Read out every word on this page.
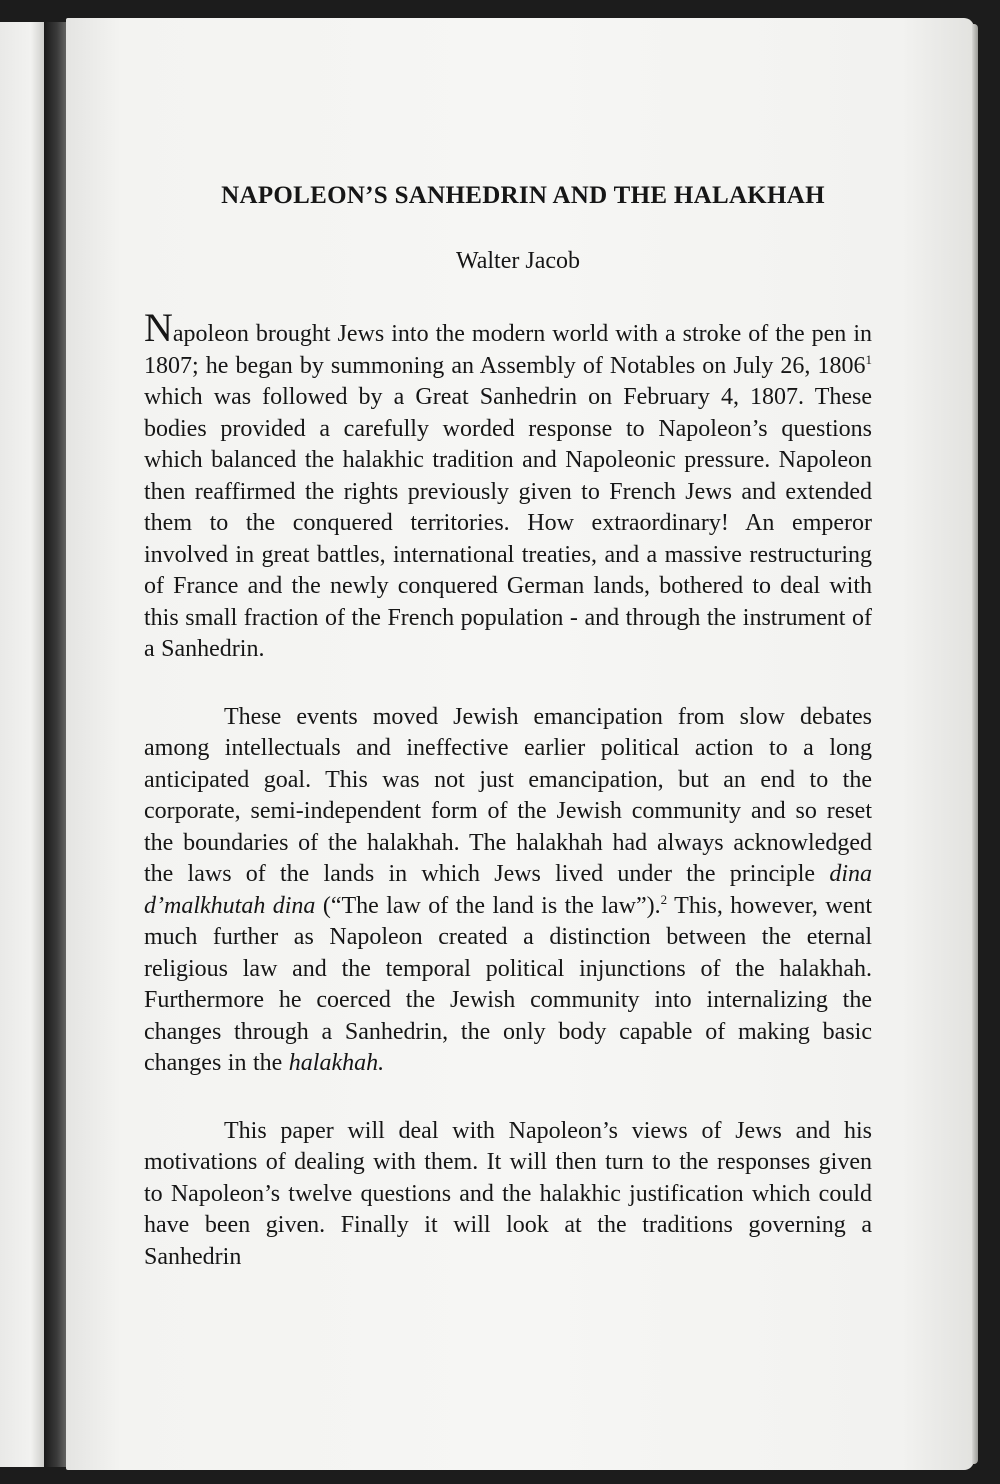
NAPOLEON’S SANHEDRIN AND THE HALAKHAH
Walter Jacob

Napoleon brought Jews into the modern world with a stroke of the pen in 1807; he began by summoning an Assembly of Notables on July 26, 1806$^1$ which was followed by a Great Sanhedrin on February 4, 1807. These bodies provided a carefully worded response to Napoleon’s questions which balanced the halakhic tradition and Napoleonic pressure. Napoleon then reaffirmed the rights previously given to French Jews and extended them to the conquered territories. How extraordinary! An emperor involved in great battles, international treaties, and a massive restructuring of France and the newly conquered German lands, bothered to deal with this small fraction of the French population - and through the instrument of a Sanhedrin.

These events moved Jewish emancipation from slow debates among intellectuals and ineffective earlier political action to a long anticipated goal. This was not just emancipation, but an end to the corporate, semi-independent form of the Jewish community and so reset the boundaries of the halakhah. The halakhah had always acknowledged the laws of the lands in which Jews lived under the principle dina d’malkhutah dina (“The law of the land is the law”).$^2$ This, however, went much further as Napoleon created a distinction between the eternal religious law and the temporal political injunctions of the halakhah. Furthermore he coerced the Jewish community into internalizing the changes through a Sanhedrin, the only body capable of making basic changes in the halakhah.

This paper will deal with Napoleon’s views of Jews and his motivations of dealing with them. It will then turn to the responses given to Napoleon’s twelve questions and the halakhic justification which could have been given. Finally it will look at the traditions governing a Sanhedrin
